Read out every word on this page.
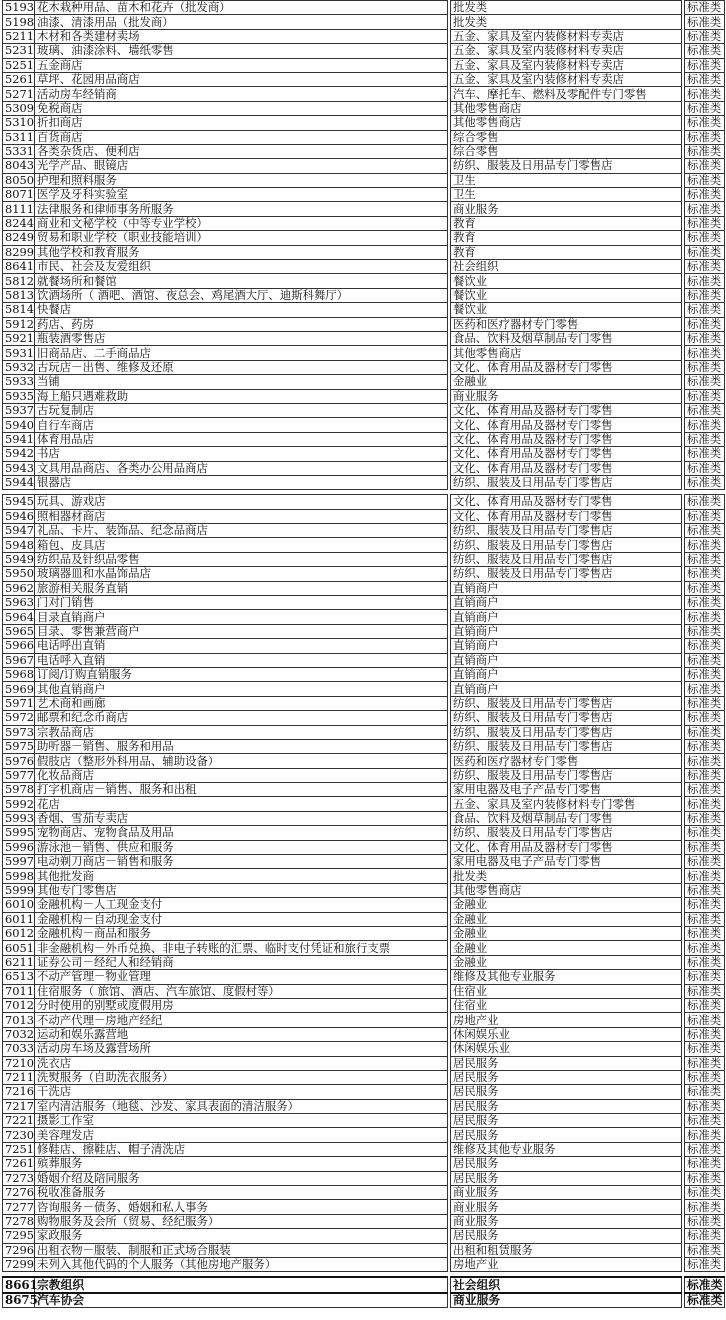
5193	花木栽种用品、苗木和花卉（批发商）		批发类		标准类
5198	油漆、清漆用品（批发商）		批发类		标准类
5211	木材和各类建材卖场		五金、家具及室内装修材料专卖店		标准类
5231	玻璃、油漆涂料、墙纸零售		五金、家具及室内装修材料专卖店		标准类
5251	五金商店		五金、家具及室内装修材料专卖店		标准类
5261	草坪、花园用品商店		五金、家具及室内装修材料专卖店		标准类
5271	活动房车经销商		汽车、摩托车、燃料及零配件专门零售		标准类
5309	免税商店		其他零售商店		标准类
5310	折扣商店		其他零售商店		标准类
5311	百货商店		综合零售		标准类
5331	各类杂货店、便利店		综合零售		标准类
8043	光学产品、眼镜店		纺织、服装及日用品专门零售店		标准类
8050	护理和照料服务		卫生		标准类
8071	医学及牙科实验室		卫生		标准类
8111	法律服务和律师事务所服务		商业服务		标准类
8244	商业和文秘学校（中等专业学校）		教育		标准类
8249	贸易和职业学校（职业技能培训）		教育		标准类
8299	其他学校和教育服务		教育		标准类
8641	市民、社会及友爱组织		社会组织		标准类
5812	就餐场所和餐馆		餐饮业		标准类
5813	饮酒场所（ 酒吧、酒馆、夜总会、鸡尾酒大厅、迪斯科舞厅）		餐饮业		标准类
5814	快餐店		餐饮业		标准类
5912	药店、药房		医药和医疗器材专门零售		标准类
5921	瓶装酒零售店		食品、饮料及烟草制品专门零售		标准类
5931	旧商品店、二手商品店		其他零售商店		标准类
5932	古玩店－出售、维修及还原		文化、体育用品及器材专门零售		标准类
5933	当铺		金融业		标准类
5935	海上船只遇难救助		商业服务		标准类
5937	古玩复制店		文化、体育用品及器材专门零售		标准类
5940	自行车商店		文化、体育用品及器材专门零售		标准类
5941	体育用品店		文化、体育用品及器材专门零售		标准类
5942	书店		文化、体育用品及器材专门零售		标准类
5943	文具用品商店、各类办公用品商店		文化、体育用品及器材专门零售		标准类
5944	银器店		纺织、服装及日用品专门零售店		标准类

5945	玩具、游戏店		文化、体育用品及器材专门零售		标准类
5946	照相器材商店		文化、体育用品及器材专门零售		标准类
5947	礼品、卡片、装饰品、纪念品商店		纺织、服装及日用品专门零售店		标准类
5948	箱包、皮具店		纺织、服装及日用品专门零售店		标准类
5949	纺织品及针织品零售		纺织、服装及日用品专门零售店		标准类
5950	玻璃器皿和水晶饰品店		纺织、服装及日用品专门零售店		标准类
5962	旅游相关服务直销		直销商户		标准类
5963	门对门销售		直销商户		标准类
5964	目录直销商户		直销商户		标准类
5965	目录、零售兼营商户		直销商户		标准类
5966	电话呼出直销		直销商户		标准类
5967	电话呼入直销		直销商户		标准类
5968	订阅/订购直销服务		直销商户		标准类
5969	其他直销商户		直销商户		标准类
5971	艺术商和画廊		纺织、服装及日用品专门零售店		标准类
5972	邮票和纪念币商店		纺织、服装及日用品专门零售店		标准类
5973	宗教品商店		纺织、服装及日用品专门零售店		标准类
5975	助听器－销售、服务和用品		纺织、服装及日用品专门零售店		标准类
5976	假肢店（整形外科用品、辅助设备）		医药和医疗器材专门零售		标准类
5977	化妆品商店		纺织、服装及日用品专门零售店		标准类
5978	打字机商店－销售、服务和出租		家用电器及电子产品专门零售		标准类
5992	花店		五金、家具及室内装修材料专门零售		标准类
5993	香烟、雪茄专卖店		食品、饮料及烟草制品专门零售		标准类
5995	宠物商店、宠物食品及用品		纺织、服装及日用品专门零售店		标准类
5996	游泳池－销售、供应和服务		文化、体育用品及器材专门零售		标准类
5997	电动剃刀商店－销售和服务		家用电器及电子产品专门零售		标准类
5998	其他批发商		批发类		标准类
5999	其他专门零售店		其他零售商店		标准类
6010	金融机构－人工现金支付		金融业		标准类
6011	金融机构－自动现金支付		金融业		标准类
6012	金融机构－商品和服务		金融业		标准类
6051	非金融机构－外币兑换、非电子转账的汇票、临时支付凭证和旅行支票		金融业		标准类
6211	证券公司－经纪人和经销商		金融业		标准类
6513	不动产管理－物业管理		维修及其他专业服务		标准类
7011	住宿服务（ 旅馆、酒店、汽车旅馆、度假村等）		住宿业		标准类
7012	分时使用的别墅或度假用房		住宿业		标准类
7013	不动产代理－房地产经纪		房地产业		标准类
7032	运动和娱乐露营地		休闲娱乐业		标准类
7033	活动房车场及露营场所		休闲娱乐业		标准类
7210	洗衣店		居民服务		标准类
7211	洗熨服务（自助洗衣服务）		居民服务		标准类
7216	干洗店		居民服务		标准类
7217	室内清洁服务（地毯、沙发、家具表面的清洁服务）		居民服务		标准类
7221	摄影工作室		居民服务		标准类
7230	美容理发店		居民服务		标准类
7251	修鞋店、擦鞋店、帽子清洗店		维修及其他专业服务		标准类
7261	殡葬服务		居民服务		标准类
7273	婚姻介绍及陪同服务		居民服务		标准类
7276	税收准备服务		商业服务		标准类
7277	咨询服务－债务、婚姻和私人事务		商业服务		标准类
7278	购物服务及会所（贸易、经纪服务）		商业服务		标准类
7295	家政服务		居民服务		标准类
7296	出租衣物－服装、制服和正式场合服装		出租和租赁服务		标准类
7299	未列入其他代码的个人服务（其他房地产服务）		房地产业		标准类

8661	宗教组织		社会组织		标准类
8675	汽车协会		商业服务		标准类
